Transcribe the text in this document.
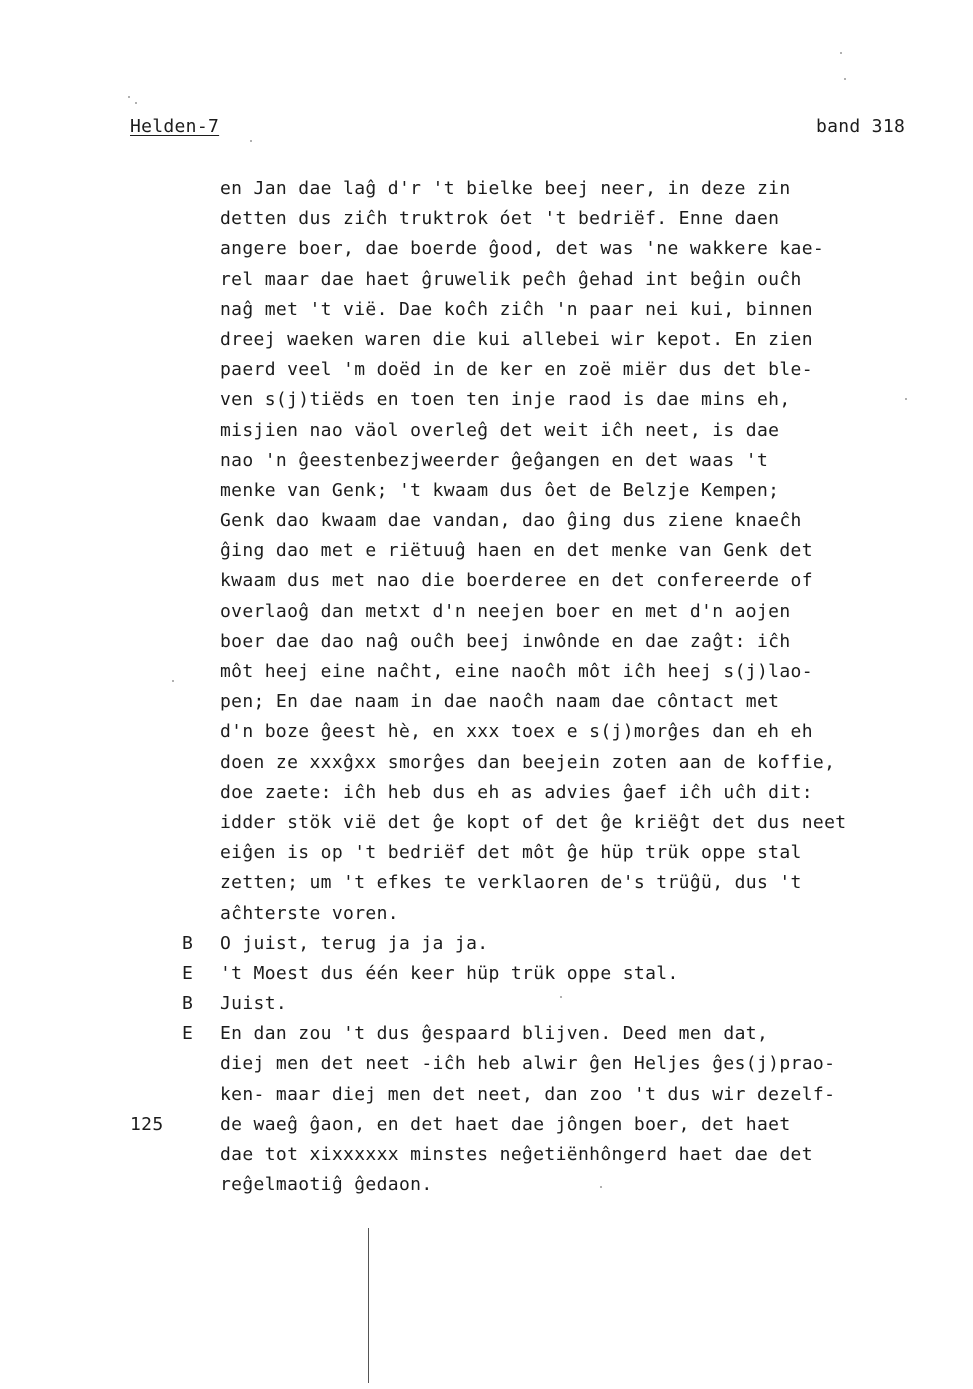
Helden-7	band 318
en Jan dae laĝ d'r 't bielke beej neer, in deze zin
detten dus ziĉh truktrok óet 't bedriëf. Enne daen
angere boer, dae boerde ĝood, det was 'ne wakkere kae-
rel maar dae haet ĝruwelik peĉh ĝehad int beĝin ouĉh
naĝ met 't vië. Dae koĉh ziĉh 'n paar nei kui, binnen
dreej waeken waren die kui allebei wir kepot. En zien
paerd veel 'm doëd in de ker en zoë miër dus det ble-
ven s(j)tiëds en toen ten inje raod is dae mins eh,
misjien nao väol overleĝ det weit iĉh neet, is dae
nao 'n ĝeestenbezjweerder ĝeĝangen en det waas 't
menke van Genk; 't kwaam dus ôet de Belzje Kempen;
Genk dao kwaam dae vandan, dao ĝing dus ziene knaeĉh
ĝing dao met e riëtuuĝ haen en det menke van Genk det
kwaam dus met nao die boerderee en det confereerde of
overlaoĝ dan metxt d'n neejen boer en met d'n aojen
boer dae dao naĝ ouĉh beej inwônde en dae zaĝt: iĉh
môt heej eine naĉht, eine naoĉh môt iĉh heej s(j)lao-
pen; En dae naam in dae naoĉh naam dae côntact met
d'n boze ĝeest hè, en xxx toex e s(j)morĝes dan eh eh
doen ze xxxĝxx smorĝes dan beejein zoten aan de koffie,
doe zaete: iĉh heb dus eh as advies ĝaef iĉh uĉh dit:
idder stök vië det ĝe kopt of det ĝe kriëĝt det dus neet
eiĝen is op 't bedriëf det môt ĝe hüp trük oppe stal
zetten; um 't efkes te verklaoren de's trüĝü, dus 't
aĉhterste voren.
B O juist, terug ja ja ja.
E 't Moest dus één keer hüp trük oppe stal.
B Juist.
E En dan zou 't dus ĝespaard blijven. Deed men dat,
diej men det neet -iĉh heb alwir ĝen Heljes ĝes(j)prao-
ken- maar diej men det neet, dan zoo 't dus wir dezelf-
125	de waeĝ ĝaon, en det haet dae jôngen boer, det haet
dae tot xixxxxxx minstes neĝetiënhôngerd haet dae det
reĝelmaotiĝ ĝedaon.
